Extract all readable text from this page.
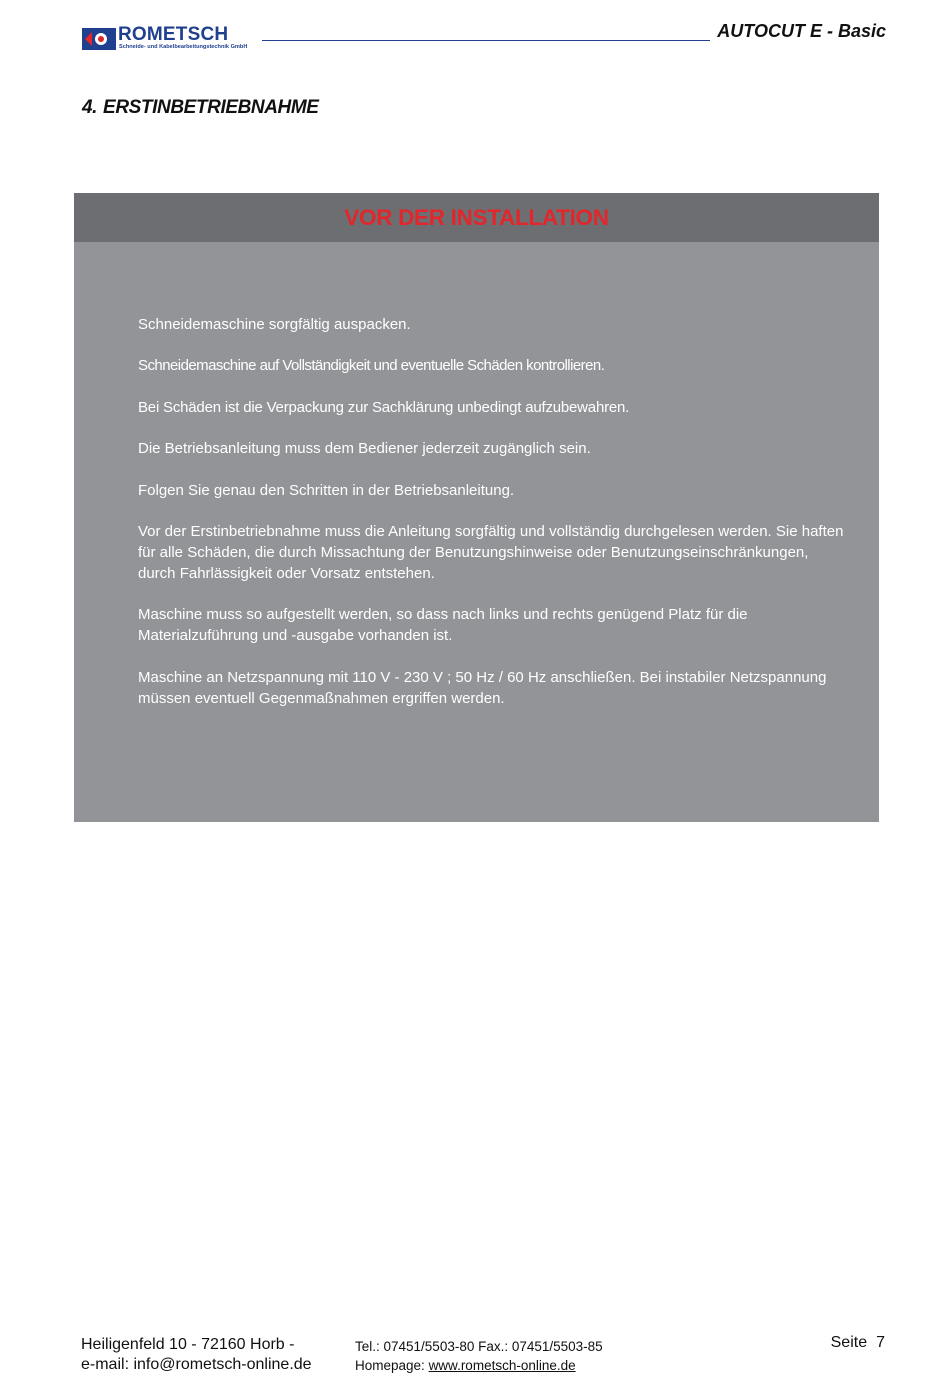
ROMETSCH
Schneide- und Kabelbearbeitungstechnik GmbH
AUTOCUT E - Basic
4. ERSTINBETRIEBNAHME
VOR DER INSTALLATION

Schneidemaschine sorgfältig auspacken.

Schneidemaschine auf Vollständigkeit und eventuelle Schäden kontrollieren.

Bei Schäden ist die Verpackung zur Sachklärung unbedingt aufzubewahren.

Die Betriebsanleitung muss dem Bediener jederzeit zugänglich sein.

Folgen Sie genau den Schritten in der Betriebsanleitung.

Vor der Erstinbetriebnahme muss die Anleitung sorgfältig und vollständig durchgelesen werden. Sie haften für alle Schäden, die durch Missachtung der Benutzungshinweise oder Benutzungseinschränkungen, durch Fahrlässigkeit oder Vorsatz entstehen.

Maschine muss so aufgestellt werden, so dass nach links und rechts genügend Platz für die Materialzuführung und -ausgabe vorhanden ist.

Maschine an Netzspannung mit 110 V - 230 V ; 50 Hz / 60 Hz anschließen. Bei instabiler Netzspannung müssen eventuell Gegenmaßnahmen ergriffen werden.

Heiligenfeld 10 - 72160 Horb -
e-mail: info@rometsch-online.de
Tel.: 07451/5503-80 Fax.: 07451/5503-85
Homepage: www.rometsch-online.de
Seite 7
